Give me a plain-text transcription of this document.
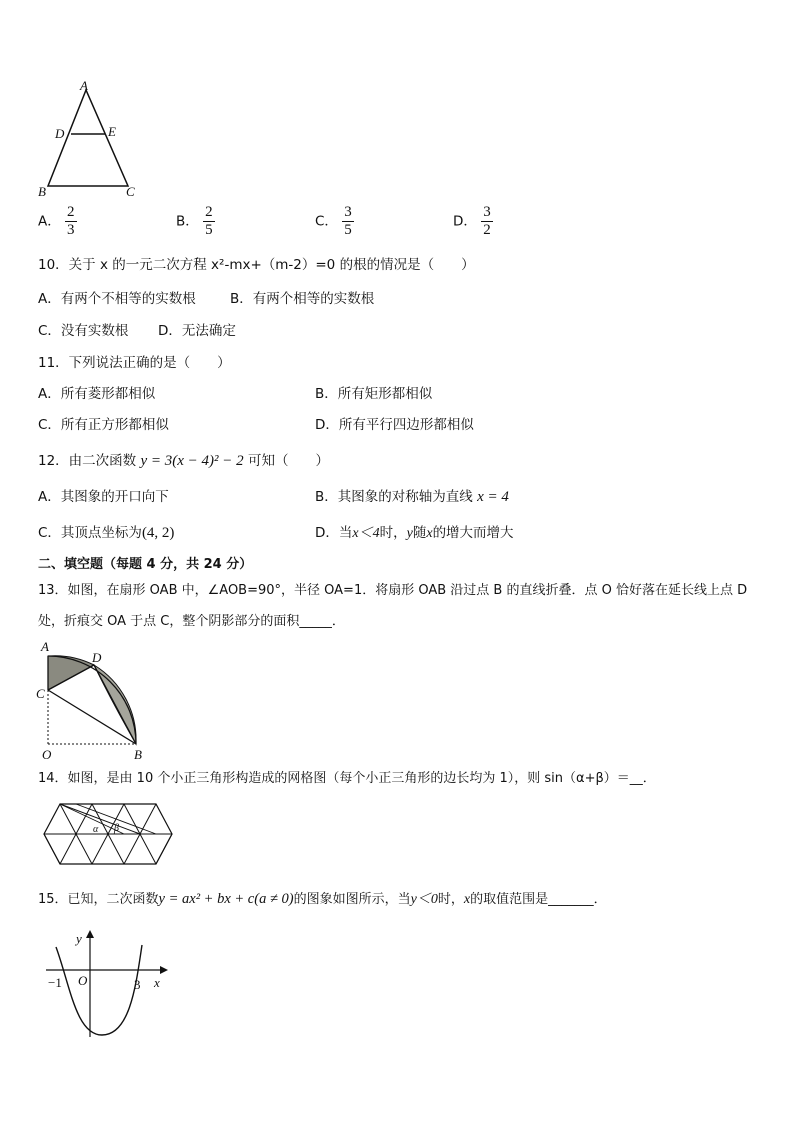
A
D	E
B	C
A． $\frac{2}{3}$	B． $\frac{2}{5}$	C． $\frac{3}{5}$	D． $\frac{3}{2}$
10．关于 x 的一元二次方程 x²-mx+（m-2）=0 的根的情况是（　　）
A．有两个不相等的实数根	B．有两个相等的实数根
C．没有实数根 D．无法确定
11．下列说法正确的是（　　）
A．所有菱形都相似	B．所有矩形都相似
C．所有正方形都相似	D．所有平行四边形都相似
12．由二次函数 y = 3(x − 4)² − 2 可知（　　）
A．其图象的开口向下	B．其图象的对称轴为直线 x = 4
C．其顶点坐标为(4, 2)	D．当x＜4时，y随x的增大而增大
二、填空题（每题 4 分，共 24 分）
13．如图，在扇形 OAB 中，∠AOB=90°，半径 OA=1．将扇形 OAB 沿过点 B 的直线折叠．点 O 恰好落在延长线上点 D
处，折痕交 OA 于点 C，整个阴影部分的面积_____．
A
D
C
O	B
14．如图，是由 10 个小正三角形构造成的网格图（每个小正三角形的边长均为 1），则 sin（α+β）＝__．
α β
15．已知，二次函数y = ax² + bx + c(a ≠ 0)的图象如图所示，当y＜0时，x的取值范围是_______．
y
x
O
−1	3
